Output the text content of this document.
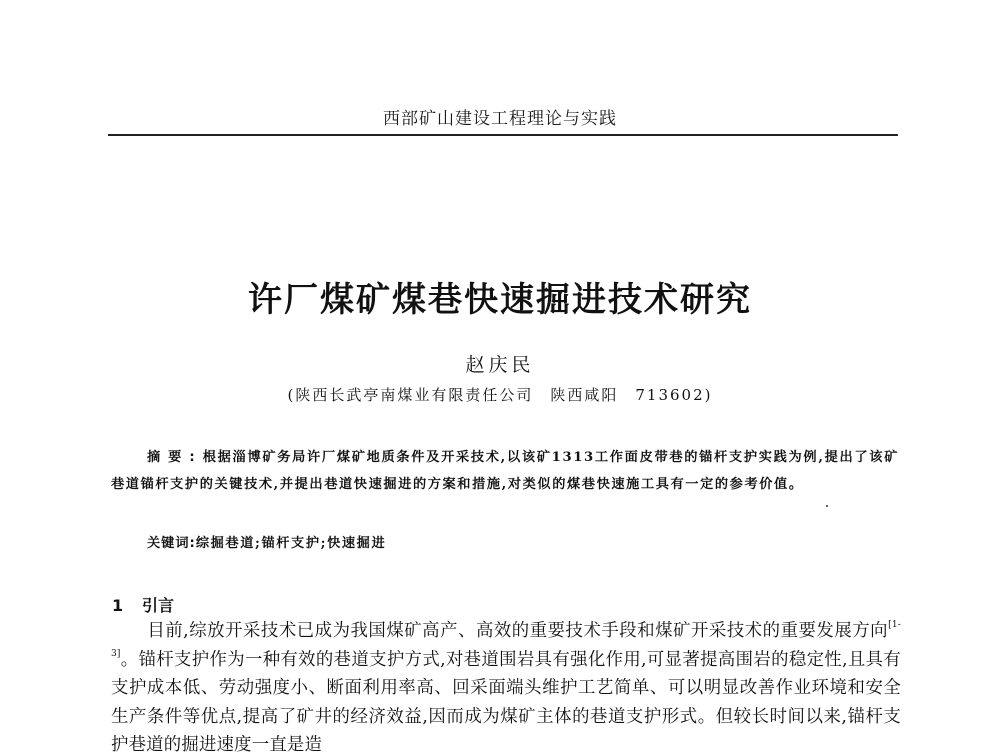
西部矿山建设工程理论与实践
许厂煤矿煤巷快速掘进技术研究
赵庆民
(陕西长武亭南煤业有限责任公司　陕西咸阳　713602)
摘要:根据淄博矿务局许厂煤矿地质条件及开采技术,以该矿1313工作面皮带巷的锚杆支护实践为例,提出了该矿巷道锚杆支护的关键技术,并提出巷道快速掘进的方案和措施,对类似的煤巷快速施工具有一定的参考价值。
关键词:综掘巷道;锚杆支护;快速掘进
1 引言
目前,综放开采技术已成为我国煤矿高产、高效的重要技术手段和煤矿开采技术的重要发展方向[1-3]。锚杆支护作为一种有效的巷道支护方式,对巷道围岩具有强化作用,可显著提高围岩的稳定性,且具有支护成本低、劳动强度小、断面利用率高、回采面端头维护工艺简单、可以明显改善作业环境和安全生产条件等优点,提高了矿井的经济效益,因而成为煤矿主体的巷道支护形式。但较长时间以来,锚杆支护巷道的掘进速度一直是造
